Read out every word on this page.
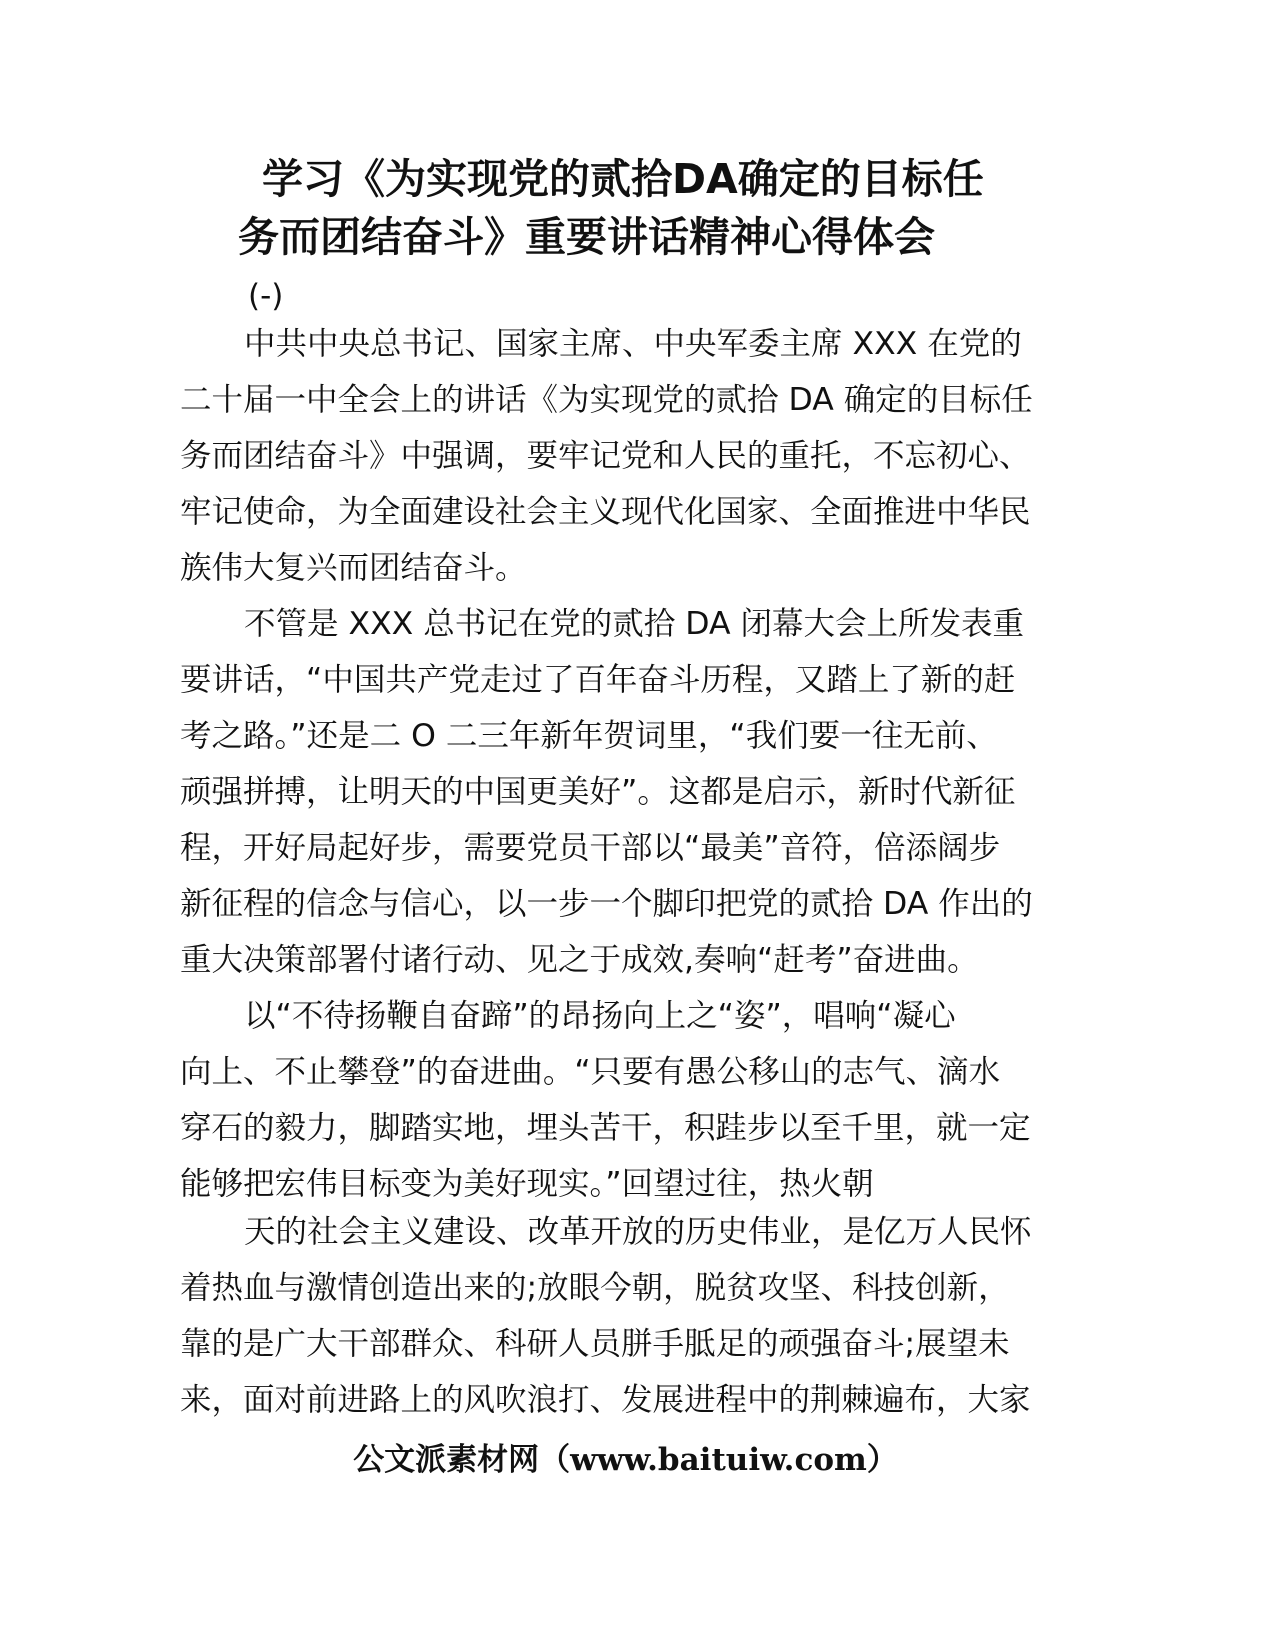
学习《为实现党的贰拾DA确定的目标任
务而团结奋斗》重要讲话精神心得体会
(-)
中共中央总书记、国家主席、中央军委主席 XXX 在党的
二十届一中全会上的讲话《为实现党的贰拾 DA 确定的目标任
务而团结奋斗》中强调，要牢记党和人民的重托，不忘初心、
牢记使命，为全面建设社会主义现代化国家、全面推进中华民
族伟大复兴而团结奋斗。
不管是 XXX 总书记在党的贰拾 DA 闭幕大会上所发表重
要讲话，“中国共产党走过了百年奋斗历程，又踏上了新的赶
考之路。”还是二 O 二三年新年贺词里，“我们要一往无前、
顽强拼搏，让明天的中国更美好”。这都是启示，新时代新征
程，开好局起好步，需要党员干部以“最美”音符，倍添阔步
新征程的信念与信心，以一步一个脚印把党的贰拾 DA 作出的
重大决策部署付诸行动、见之于成效,奏响“赶考”奋进曲。
以“不待扬鞭自奋蹄”的昂扬向上之“姿”，唱响“凝心
向上、不止攀登”的奋进曲。“只要有愚公移山的志气、滴水
穿石的毅力，脚踏实地，埋头苦干，积跬步以至千里，就一定
能够把宏伟目标变为美好现实。”回望过往，热火朝
天的社会主义建设、改革开放的历史伟业，是亿万人民怀
着热血与激情创造出来的;放眼今朝，脱贫攻坚、科技创新，
靠的是广大干部群众、科研人员胼手胝足的顽强奋斗;展望未
来，面对前进路上的风吹浪打、发展进程中的荆棘遍布，大家
公文派素材网（www.baituiw.com）
